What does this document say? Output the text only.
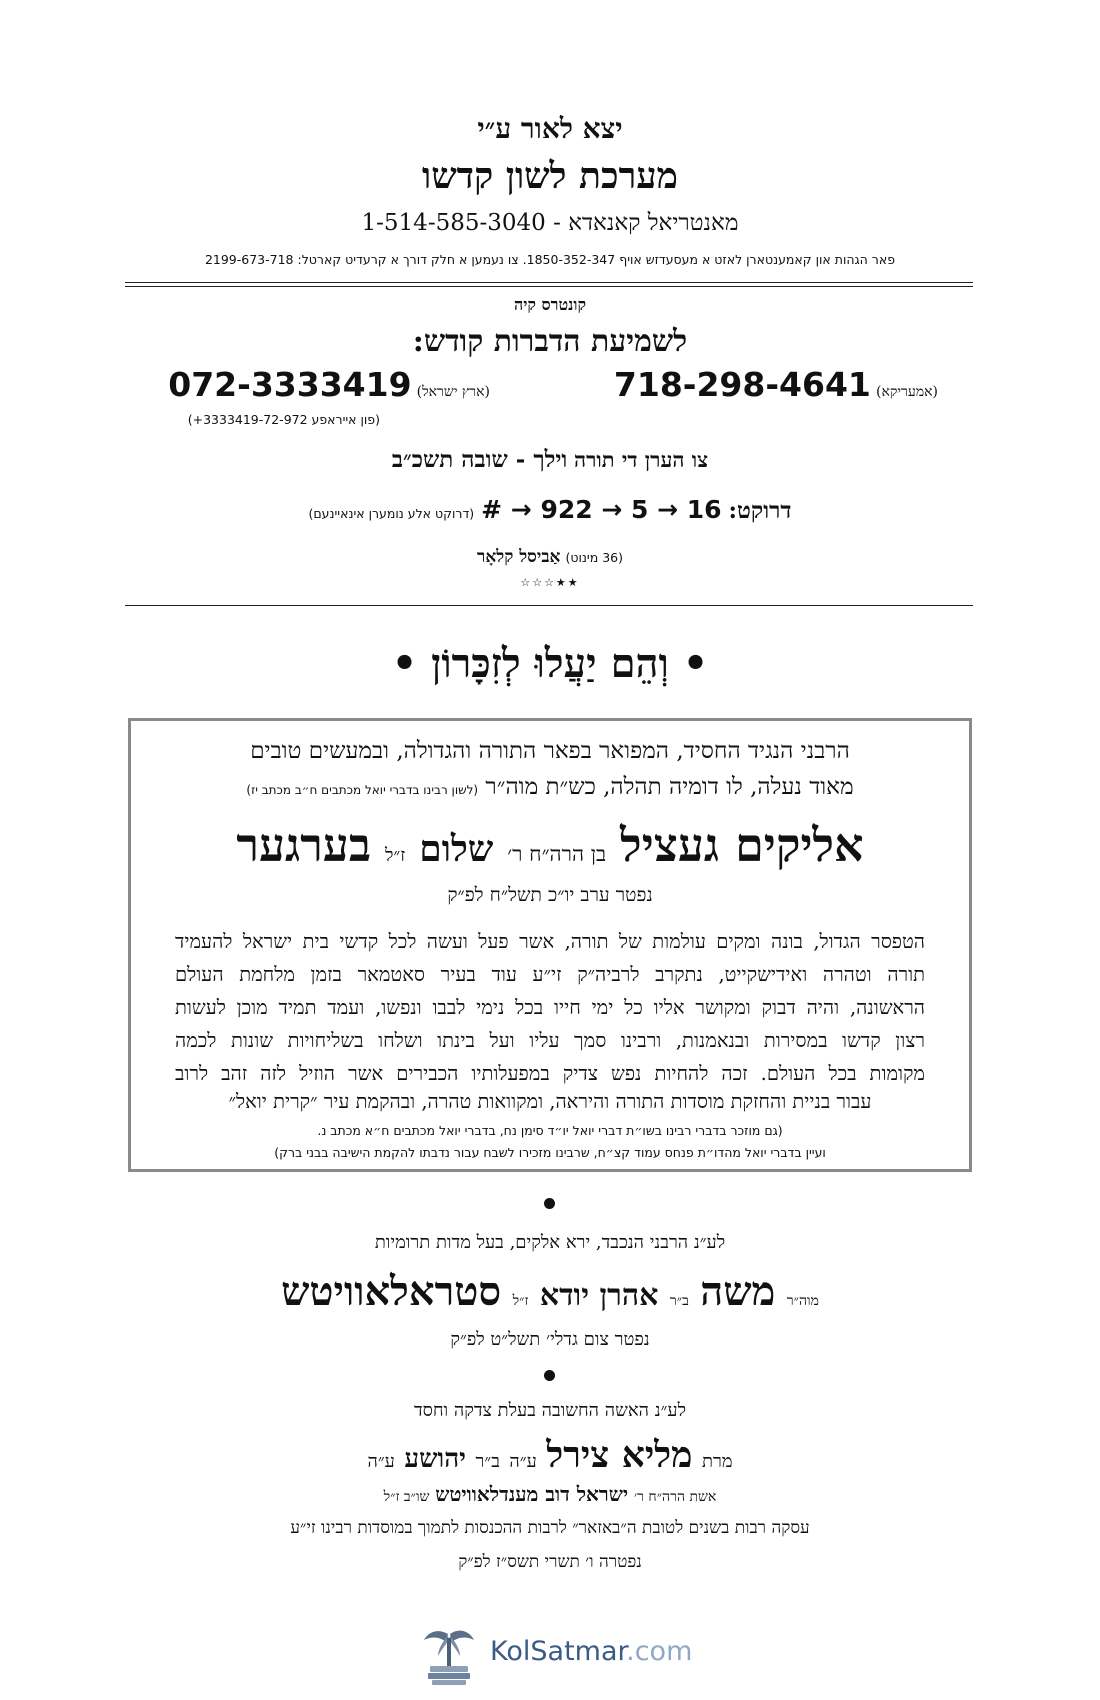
יצא לאור ע״י
מערכת לשון קדשו
מאנטריאל קאנאדא - 1-514-585-3040
פאר הגהות און קאמענטארן לאזט א מעסעדזש אויף 1850-352-347. צו נעמען א חלק דורך א קרעדיט קארטל: 2199-673-718
קונטרס קיה
לשמיעת הדברות קודש:
(אמעריקא) 718-298-4641
(ארץ ישראל) 072-3333419
(פון אייראפע 3333419-72-972+)
צו הערן די תורה וילך - שובה תשכ״ב
דרוקט: # → 922 → 5 → 16 (דרוקט אלע נומערן אינאיינעם)
(36 מינוט) אַביסל קלאָר
★★☆☆☆
• וְהֵם יַעֲלוּ לְזִכָּרוֹן •
הרבני הנגיד החסיד, המפואר בפאר התורה והגדולה, ובמעשים טובים
מאוד נעלה, לו דומיה תהלה, כש״ת מוה״ר (לשון רבינו בדברי יואל מכתבים ח״ב מכתב יז)
אליקים געציל בן הרה״ח ר׳ שלום ז״ל בערגער
נפטר ערב יו״כ תשל״ח לפ״ק
הטפסר הגדול, בונה ומקים עולמות של תורה, אשר פעל ועשה לכל קדשי בית ישראל להעמיד
תורה וטהרה ואידישקייט, נתקרב לרביה״ק זי״ע עוד בעיר סאטמאר בזמן מלחמת העולם
הראשונה, והיה דבוק ומקושר אליו כל ימי חייו בכל נימי לבבו ונפשו, ועמד תמיד מוכן לעשות
רצון קדשו במסירות ובנאמנות, ורבינו סמך עליו ועל בינתו ושלחו בשליחויות שונות לכמה
מקומות בכל העולם. זכה להחיות נפש צדיק במפעלותיו הכבירים אשר הוזיל לזה זהב לרוב
עבור בניית והחזקת מוסדות התורה והיראה, ומקוואות טהרה, ובהקמת עיר ״קרית יואל״
(גם מוזכר בדברי רבינו בשו״ת דברי יואל יו״ד סימן נח, בדברי יואל מכתבים ח״א מכתב נ.
ועיין בדברי יואל מהדו״ת פנחס עמוד קצ״ח, שרבינו מזכירו לשבח עבור נדבתו להקמת הישיבה בבני ברק)
לע״נ הרבני הנכבד, ירא אלקים, בעל מדות תרומיות
מוה״ר משה ב״ר אהרן יודא ז״ל סטראלאוויטש
נפטר צום גדלי׳ תשל״ט לפ״ק
לע״נ האשה החשובה בעלת צדקה וחסד
מרת מליא צירל ע״ה ב״ר יהושע ע״ה
אשת הרה״ח ר׳ ישראל דוב מענדלאוויטש שו״ב ז״ל
עסקה רבות בשנים לטובת ה״באזאר״ לרבות ההכנסות לתמוך במוסדות רבינו זי״ע
נפטרה ו׳ תשרי תשס״ז לפ״ק
KolSatmar.com
